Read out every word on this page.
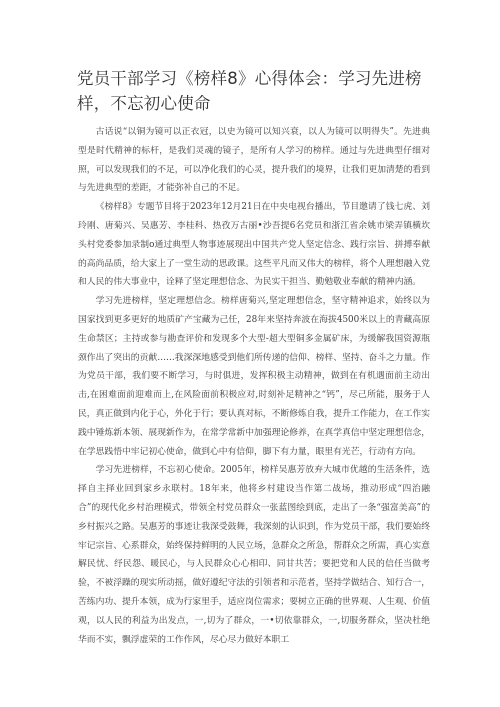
党员干部学习《榜样8》心得体会：学习先进榜样，不忘初心使命

古话说“以铜为镜可以正衣冠，以史为镜可以知兴衰，以人为镜可以明得失”。先进典型是时代精神的标杆，是我们灵魂的镜子，是所有人学习的榜样。通过与先进典型仔细对照，可以发现我们的不足，可以净化我们的心灵，提升我们的境界，让我们更加清楚的看到与先进典型的差距，才能弥补自己的不足。

《榜样8》专题节目将于2023年12月21日在中央电视台播出，节目邀请了钱七虎、刘玲刚、唐菊兴、吴惠芳、李桂科、热孜万古丽•沙吾提6名党员和浙江省余姚市梁弄镇横坎头村党委参加录制o通过典型人物事迹展现出中国共产党人坚定信念、践行宗旨、拼搏奉献的高尚品质，给大家上了一堂生动的思政课。这些平凡而又伟大的榜样，将个人理想融入党和人民的伟大事业中，诠释了坚定理想信念、为民实干担当、勤勉敬业奉献的精神内涵。

学习先进榜样，坚定理想信念。榜样唐菊兴,坚定理想信念，坚守精神追求，始终以为国家找到更多更好的地质矿产宝藏为己任，28年来坚持奔波在海拔4500米以上的青藏高原生命禁区；主持或参与勘查评价和发现多个大型-超大型铜多金属矿床，为缓解我国资源瓶颈作出了突出的贡献……我深深地感受到他们所传递的信仰、榜样、坚持、奋斗之力量。作为党员干部，我们要不断学习，与时俱进，发挥积极主动精神，做到在有机遇面前主动出击,在困难面前迎难而上,在风险面前积极应对,时刻补足精神之“钙”，尽己所能，服务于人民，真正做到内化于心，外化于行；要认真对标，不断修炼自我，提升工作能力，在工作实践中锤炼新本领、展现新作为，在常学常新中加强理论修养，在真学真信中坚定理想信念，在学思践悟中牢记初心使命，做到心中有信仰，脚下有力量，眼里有光芒，行动有方向。

学习先进榜样，不忘初心使命。2005年，榜样吴惠芳放弃大城市优越的生活条件，选择自主择业回到家乡永联村。18年来，他将乡村建设当作第二战场，推动形成“四治融合”的现代化乡村治理模式，带领全村党员群众一张蓝图绘到底，走出了一条“强富美高”的乡村振兴之路。吴惠芳的事迹让我深受鼓舞，我深刻的认识到，作为党员干部，我们要始终牢记宗旨、心系群众，始终保持鲜明的人民立场，急群众之所急，帮群众之所需，真心实意解民忧、纾民怨、暖民心，与人民群众心心相印、同甘共苦；要把党和人民的信任当做考验，不被浮躁的现实所动摇，做好遵纪守法的引领者和示范者，坚持学做结合、知行合一，苦练内功、提升本领，成为行家里手，适应岗位需求；要树立正确的世界观、人生观、价值观，以人民的利益为出发点，一,切为了群众，一•切依靠群众，一,切服务群众，坚决杜绝华而不实，飘浮虚荣的工作作风，尽心尽力做好本职工
